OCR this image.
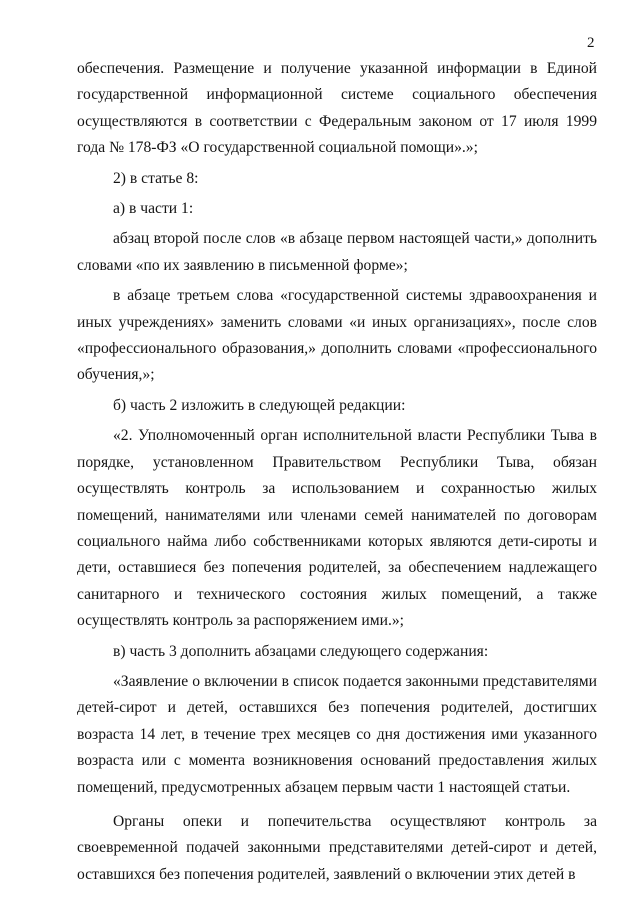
2

обеспечения. Размещение и получение указанной информации в Единой государственной информационной системе социального обеспечения осуществляются в соответствии с Федеральным законом от 17 июля 1999 года № 178-ФЗ «О государственной социальной помощи».»;

2) в статье 8:

а) в части 1:

абзац второй после слов «в абзаце первом настоящей части,» дополнить словами «по их заявлению в письменной форме»;

в абзаце третьем слова «государственной системы здравоохранения и иных учреждениях» заменить словами «и иных организациях», после слов «профессионального образования,» дополнить словами «профессионального обучения,»;

б) часть 2 изложить в следующей редакции:

«2. Уполномоченный орган исполнительной власти Республики Тыва в порядке, установленном Правительством Республики Тыва, обязан осуществлять контроль за использованием и сохранностью жилых помещений, нанимателями или членами семей нанимателей по договорам социального найма либо собственниками которых являются дети-сироты и дети, оставшиеся без попечения родителей, за обеспечением надлежащего санитарного и технического состояния жилых помещений, а также осуществлять контроль за распоряжением ими.»;

в) часть 3 дополнить абзацами следующего содержания:

«Заявление о включении в список подается законными представителями детей-сирот и детей, оставшихся без попечения родителей, достигших возраста 14 лет, в течение трех месяцев со дня достижения ими указанного возраста или с момента возникновения оснований предоставления жилых помещений, предусмотренных абзацем первым части 1 настоящей статьи.

Органы опеки и попечительства осуществляют контроль за своевременной подачей законными представителями детей-сирот и детей, оставшихся без попечения родителей, заявлений о включении этих детей в
